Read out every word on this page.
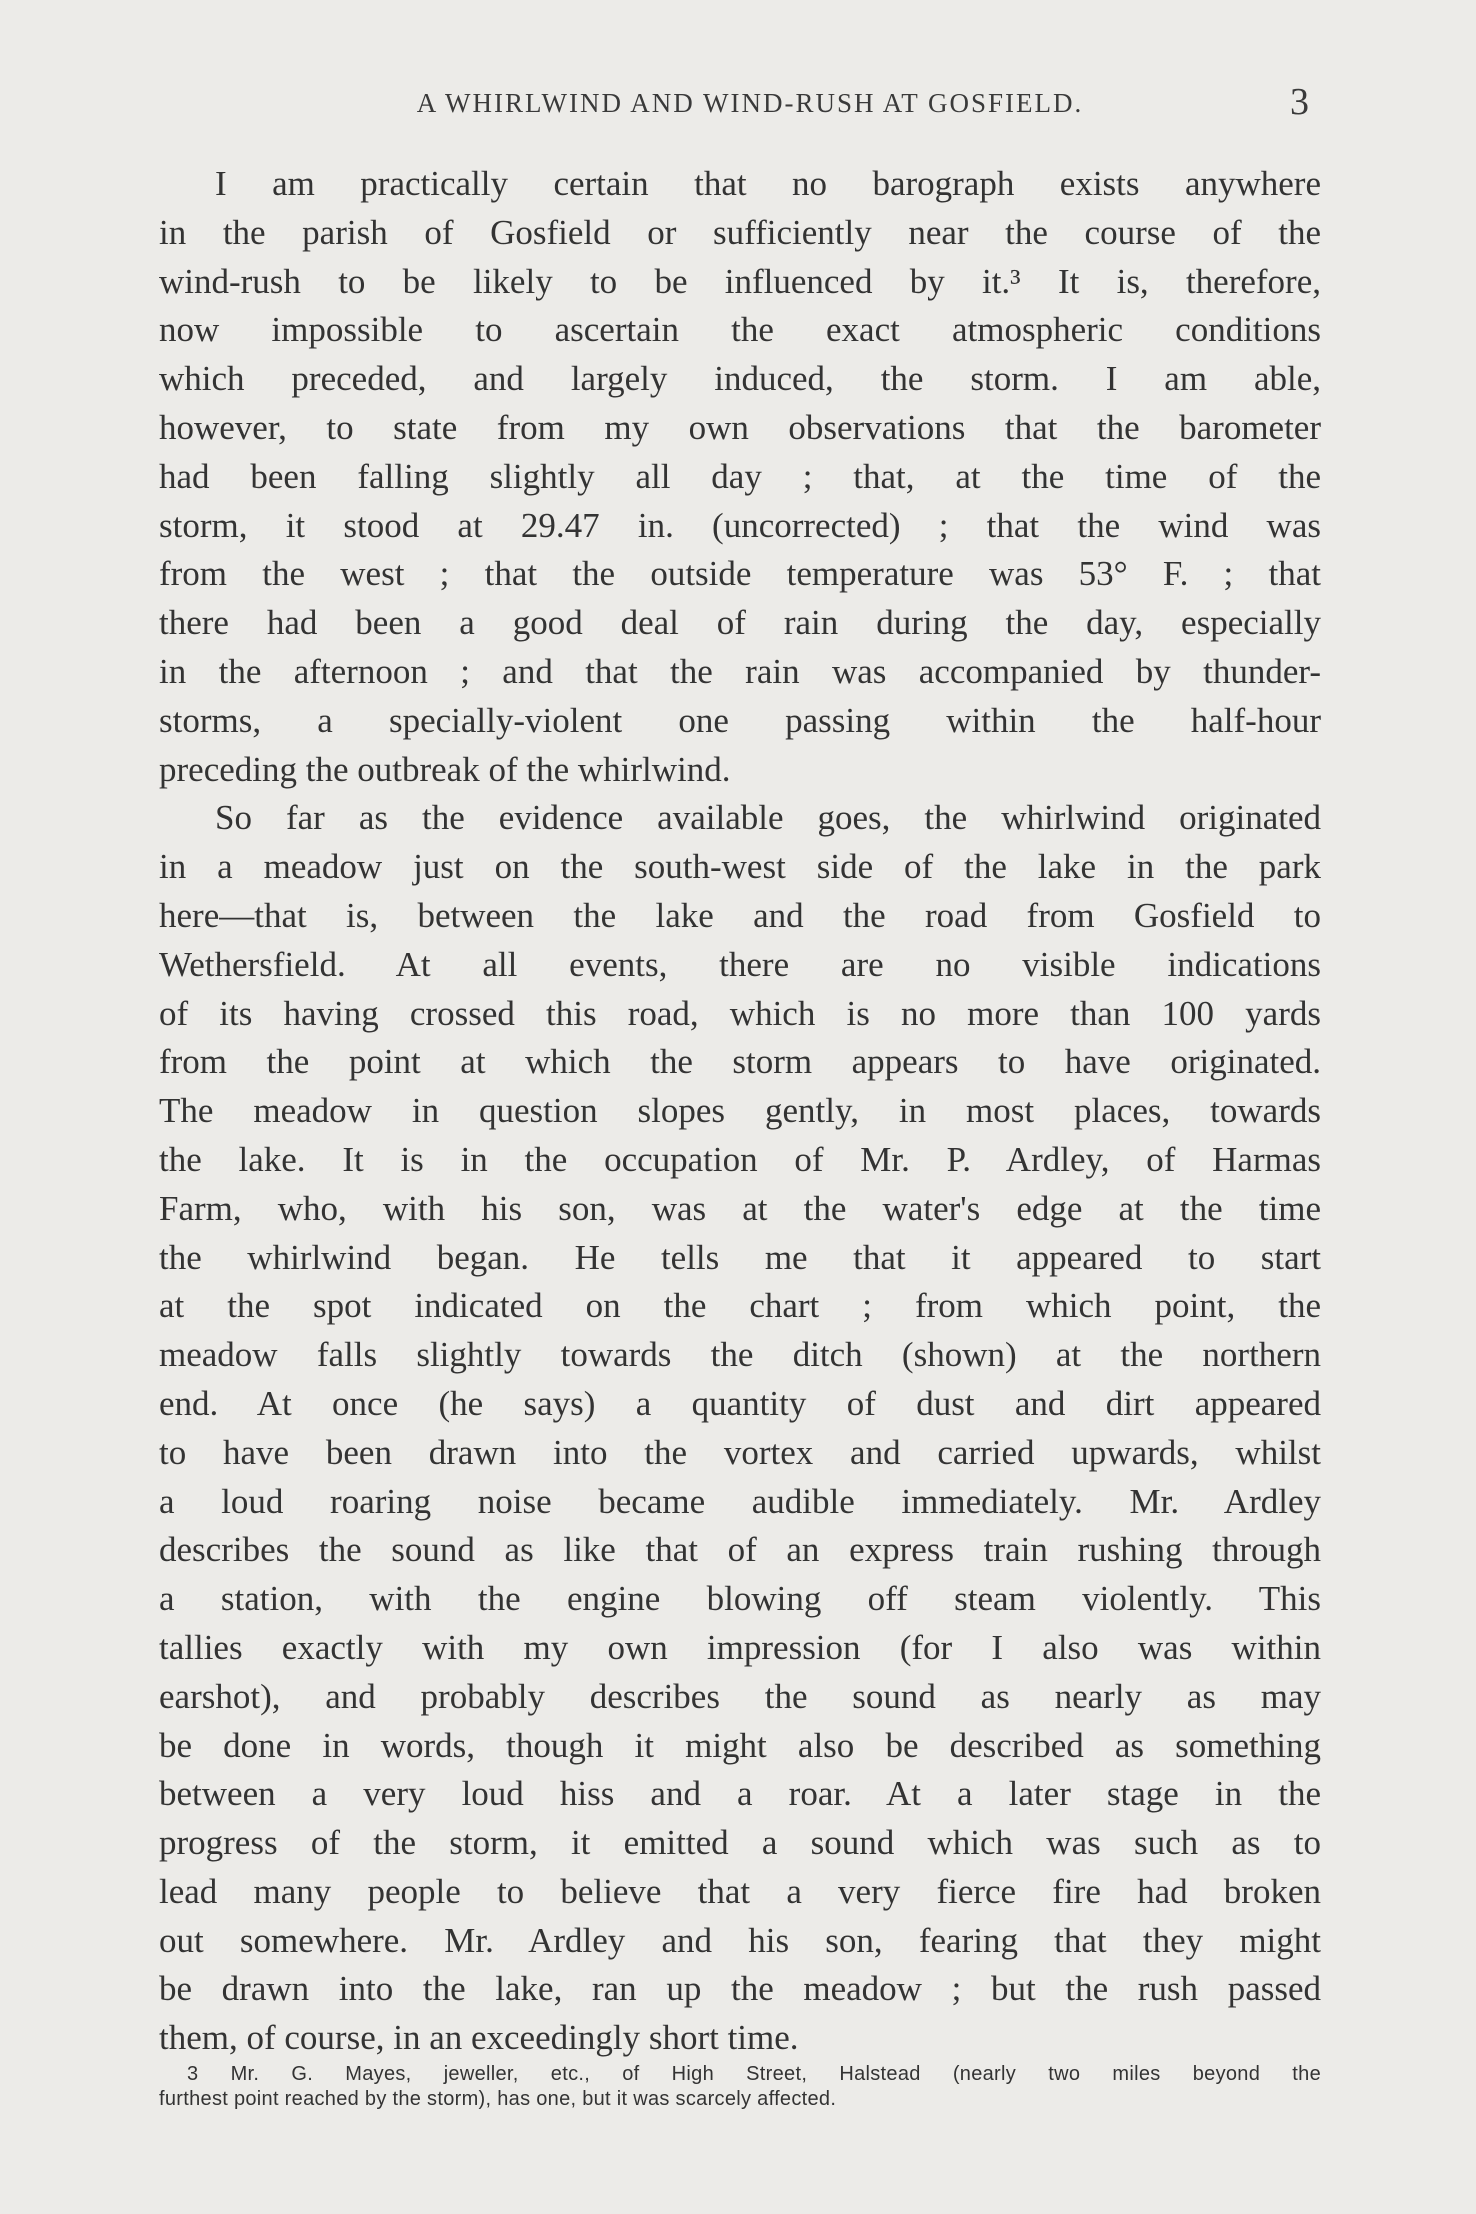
A WHIRLWIND AND WIND-RUSH AT GOSFIELD.	3
I am practically certain that no barograph exists anywhere
in the parish of Gosfield or sufficiently near the course of the
wind-rush to be likely to be influenced by it.³ It is, therefore,
now impossible to ascertain the exact atmospheric conditions
which preceded, and largely induced, the storm. I am able,
however, to state from my own observations that the barometer
had been falling slightly all day ; that, at the time of the
storm, it stood at 29.47 in. (uncorrected) ; that the wind was
from the west ; that the outside temperature was 53° F. ; that
there had been a good deal of rain during the day, especially
in the afternoon ; and that the rain was accompanied by thunder-
storms, a specially-violent one passing within the half-hour
preceding the outbreak of the whirlwind.
So far as the evidence available goes, the whirlwind originated
in a meadow just on the south-west side of the lake in the park
here—that is, between the lake and the road from Gosfield to
Wethersfield. At all events, there are no visible indications
of its having crossed this road, which is no more than 100 yards
from the point at which the storm appears to have originated.
The meadow in question slopes gently, in most places, towards
the lake. It is in the occupation of Mr. P. Ardley, of Harmas
Farm, who, with his son, was at the water's edge at the time
the whirlwind began. He tells me that it appeared to start
at the spot indicated on the chart ; from which point, the
meadow falls slightly towards the ditch (shown) at the northern
end. At once (he says) a quantity of dust and dirt appeared
to have been drawn into the vortex and carried upwards, whilst
a loud roaring noise became audible immediately. Mr. Ardley
describes the sound as like that of an express train rushing through
a station, with the engine blowing off steam violently. This
tallies exactly with my own impression (for I also was within
earshot), and probably describes the sound as nearly as may
be done in words, though it might also be described as something
between a very loud hiss and a roar. At a later stage in the
progress of the storm, it emitted a sound which was such as to
lead many people to believe that a very fierce fire had broken
out somewhere. Mr. Ardley and his son, fearing that they might
be drawn into the lake, ran up the meadow ; but the rush passed
them, of course, in an exceedingly short time.
3 Mr. G. Mayes, jeweller, etc., of High Street, Halstead (nearly two miles beyond the
furthest point reached by the storm), has one, but it was scarcely affected.
